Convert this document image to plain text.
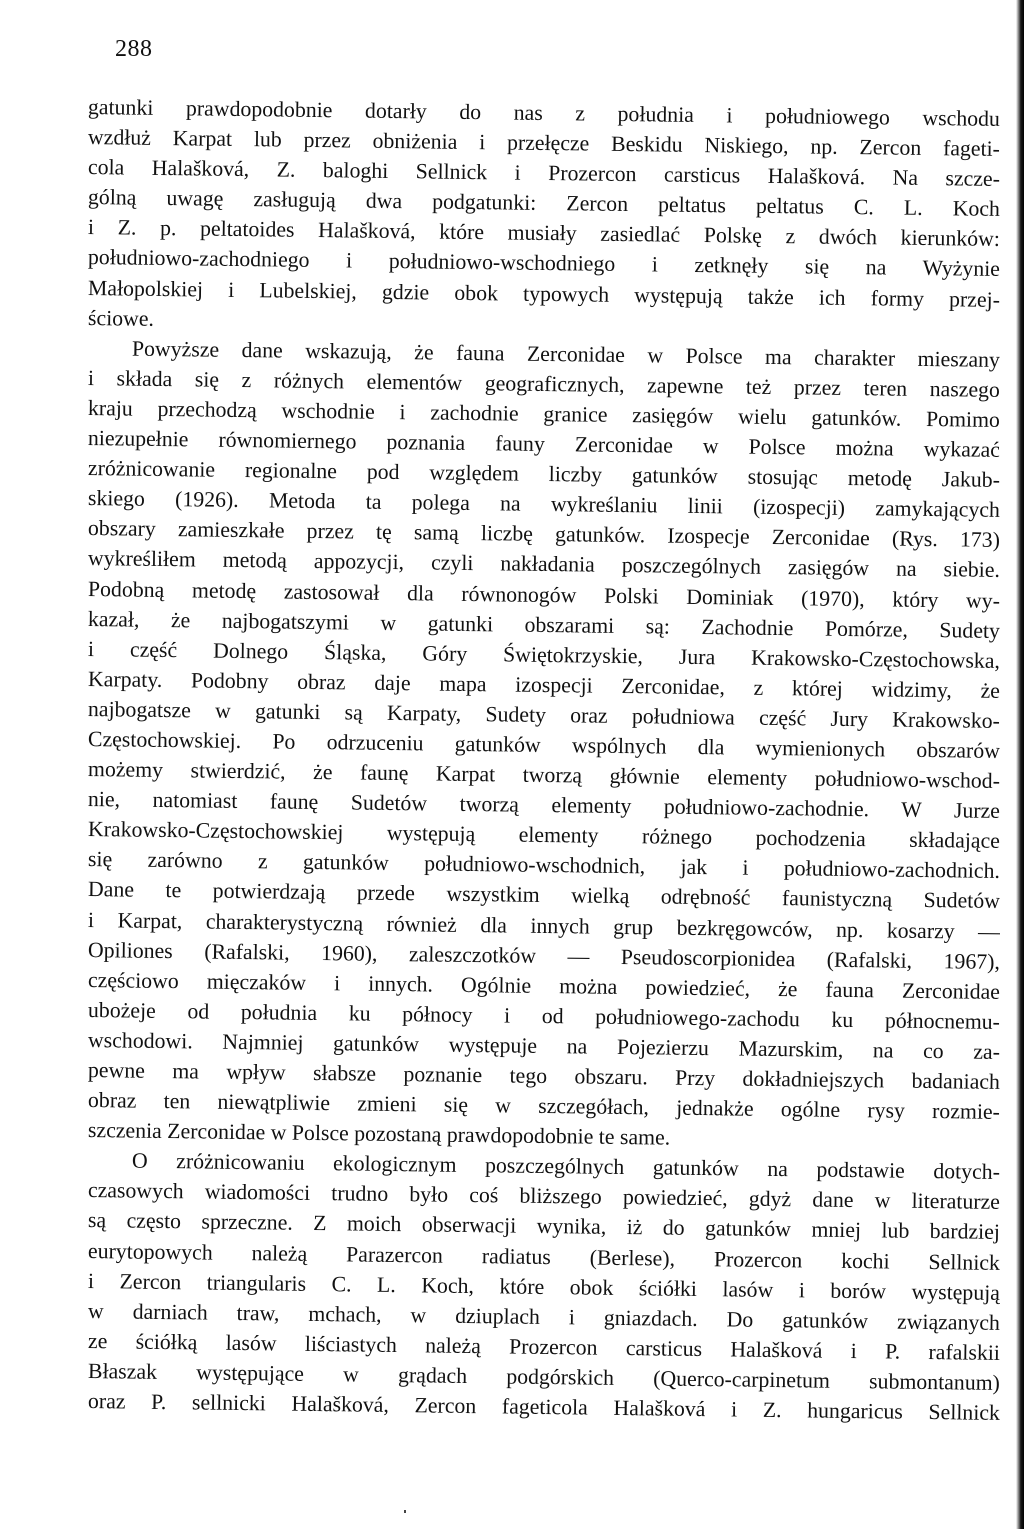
288
gatunki prawdopodobnie dotarły do nas z południa i południowego wschodu
wzdłuż Karpat lub przez obniżenia i przełęcze Beskidu Niskiego, np. Zercon fageti-
cola Halašková, Z. baloghi Sellnick i Prozercon carsticus Halašková. Na szcze-
gólną uwagę zasługują dwa podgatunki: Zercon peltatus peltatus C. L. Koch
i Z. p. peltatoides Halašková, które musiały zasiedlać Polskę z dwóch kierunków:
południowo-zachodniego i południowo-wschodniego i zetknęły się na Wyżynie
Małopolskiej i Lubelskiej, gdzie obok typowych występują także ich formy przej-
ściowe.
Powyższe dane wskazują, że fauna Zerconidae w Polsce ma charakter mieszany
i składa się z różnych elementów geograficznych, zapewne też przez teren naszego
kraju przechodzą wschodnie i zachodnie granice zasięgów wielu gatunków. Pomimo
niezupełnie równomiernego poznania fauny Zerconidae w Polsce można wykazać
zróżnicowanie regionalne pod względem liczby gatunków stosując metodę Jakub-
skiego (1926). Metoda ta polega na wykreślaniu linii (izospecji) zamykających
obszary zamieszkałe przez tę samą liczbę gatunków. Izospecje Zerconidae (Rys. 173)
wykreśliłem metodą appozycji, czyli nakładania poszczególnych zasięgów na siebie.
Podobną metodę zastosował dla równonogów Polski Dominiak (1970), który wy-
kazał, że najbogatszymi w gatunki obszarami są: Zachodnie Pomórze, Sudety
i część Dolnego Śląska, Góry Świętokrzyskie, Jura Krakowsko-Częstochowska,
Karpaty. Podobny obraz daje mapa izospecji Zerconidae, z której widzimy, że
najbogatsze w gatunki są Karpaty, Sudety oraz południowa część Jury Krakowsko-
Częstochowskiej. Po odrzuceniu gatunków wspólnych dla wymienionych obszarów
możemy stwierdzić, że faunę Karpat tworzą głównie elementy południowo-wschod-
nie, natomiast faunę Sudetów tworzą elementy południowo-zachodnie. W Jurze
Krakowsko-Częstochowskiej występują elementy różnego pochodzenia składające
się zarówno z gatunków południowo-wschodnich, jak i południowo-zachodnich.
Dane te potwierdzają przede wszystkim wielką odrębność faunistyczną Sudetów
i Karpat, charakterystyczną również dla innych grup bezkręgowców, np. kosarzy —
Opiliones (Rafalski, 1960), zaleszczotków — Pseudoscorpionidea (Rafalski, 1967),
częściowo mięczaków i innych. Ogólnie można powiedzieć, że fauna Zerconidae
ubożeje od południa ku północy i od południowego-zachodu ku północnemu-
wschodowi. Najmniej gatunków występuje na Pojezierzu Mazurskim, na co za-
pewne ma wpływ słabsze poznanie tego obszaru. Przy dokładniejszych badaniach
obraz ten niewątpliwie zmieni się w szczegółach, jednakże ogólne rysy rozmie-
szczenia Zerconidae w Polsce pozostaną prawdopodobnie te same.
O zróżnicowaniu ekologicznym poszczególnych gatunków na podstawie dotych-
czasowych wiadomości trudno było coś bliższego powiedzieć, gdyż dane w literaturze
są często sprzeczne. Z moich obserwacji wynika, iż do gatunków mniej lub bardziej
eurytopowych należą Parazercon radiatus (Berlese), Prozercon kochi Sellnick
i Zercon triangularis C. L. Koch, które obok ściółki lasów i borów występują
w darniach traw, mchach, w dziuplach i gniazdach. Do gatunków związanych
ze ściółką lasów liściastych należą Prozercon carsticus Halašková i P. rafalskii
Błaszak występujące w grądach podgórskich (Querco-carpinetum submontanum)
oraz P. sellnicki Halašková, Zercon fageticola Halašková i Z. hungaricus Sellnick
